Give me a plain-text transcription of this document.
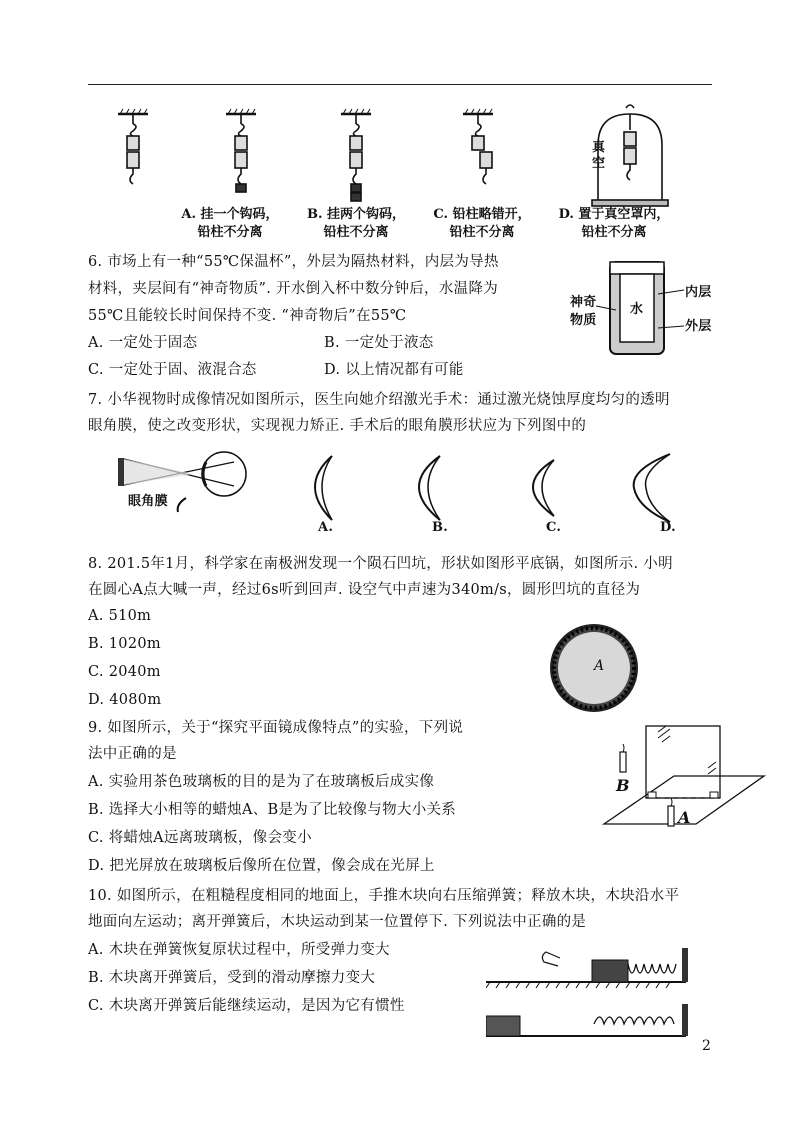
真空
A. 挂一个钩码，
铅柱不分离
B. 挂两个钩码，
铅柱不分离
C. 铅柱略错开，
铅柱不分离
D. 置于真空罩内，
铅柱不分离
6. 市场上有一种“55℃保温杯”，外层为隔热材料，内层为导热
材料，夹层间有“神奇物质”. 开水倒入杯中数分钟后，水温降为
55℃且能较长时间保持不变. “神奇物后”在55℃
A. 一定处于固态	B. 一定处于液态
C. 一定处于固、液混合态	D. 以上情况都有可能
水
内层
外层
神奇
物质
7. 小华视物时成像情况如图所示，医生向她介绍激光手术：通过激光烧蚀厚度均匀的透明
眼角膜，使之改变形状，实现视力矫正. 手术后的眼角膜形状应为下列图中的
眼角膜
A.	B.	C.	D.
8. 201.5年1月，科学家在南极洲发现一个陨石凹坑，形状如图形平底锅，如图所示. 小明
在圆心A点大喊一声，经过6s听到回声. 设空气中声速为340m/s，圆形凹坑的直径为
A. 510m
B. 1020m
C. 2040m
D. 4080m
A
9. 如图所示，关于“探究平面镜成像特点”的实验，下列说
法中正确的是
A. 实验用茶色玻璃板的目的是为了在玻璃板后成实像
B. 选择大小相等的蜡烛A、B是为了比较像与物大小关系
C. 将蜡烛A远离玻璃板，像会变小
D. 把光屏放在玻璃板后像所在位置，像会成在光屏上
B
A
10. 如图所示，在粗糙程度相同的地面上，手推木块向右压缩弹簧；释放木块，木块沿水平
地面向左运动；离开弹簧后，木块运动到某一位置停下. 下列说法中正确的是
A. 木块在弹簧恢复原状过程中，所受弹力变大
B. 木块离开弹簧后，受到的滑动摩擦力变大
C. 木块离开弹簧后能继续运动，是因为它有惯性
2
